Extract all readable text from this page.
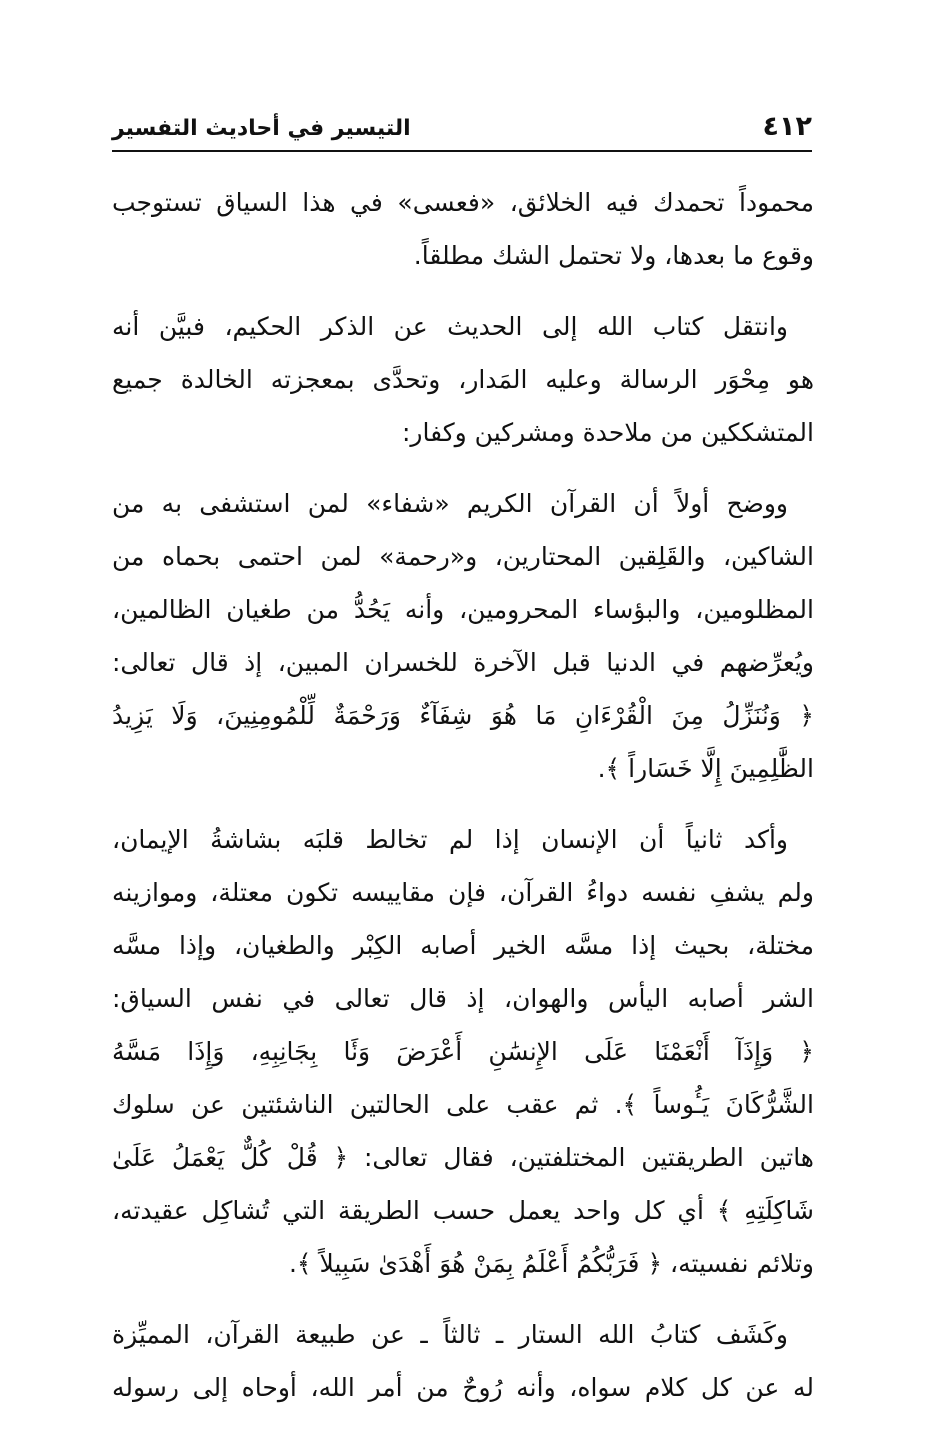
٤١٢
التيسير في أحاديث التفسير
محموداً تحمدك فيه الخلائق، «فعسى» في هذا السياق تستوجب
وقوع ما بعدها، ولا تحتمل الشك مطلقاً.
وانتقل كتاب الله إلى الحديث عن الذكر الحكيم، فبيَّن أنه
هو مِحْوَر الرسالة وعليه المَدار، وتحدَّى بمعجزته الخالدة جميع
المتشككين من ملاحدة ومشركين وكفار:
ووضح أولاً أن القرآن الكريم «شفاء» لمن استشفى به من
الشاكين، والقَلِقين المحتارين، و«رحمة» لمن احتمى بحماه من
المظلومين، والبؤساء المحرومين، وأنه يَحُدُّ من طغيان الظالمين،
ويُعرِّضهم في الدنيا قبل الآخرة للخسران المبين، إذ قال تعالى:
﴿ وَنُنَزِّلُ مِنَ الْقُرْءَانِ مَا هُوَ شِفَآءٌ وَرَحْمَةٌ لِّلْمُومِنِينَ، وَلَا يَزِيدُ
الظَّٰلِمِينَ إِلَّا خَسَاراً ﴾.
وأكد ثانياً أن الإنسان إذا لم تخالط قلبَه بشاشةُ الإيمان،
ولم يشفِ نفسه دواءُ القرآن، فإن مقاييسه تكون معتلة، وموازينه
مختلة، بحيث إذا مسَّه الخير أصابه الكِبْر والطغيان، وإذا مسَّه
الشر أصابه اليأس والهوان، إذ قال تعالى في نفس السياق:
﴿ وَإِذَآ أَنْعَمْنَا عَلَى الإِنسَٰنِ أَعْرَضَ وَنَٔا بِجَانِبِهِ، وَإِذَا مَسَّهُ
الشَّرُّكَانَ يَـُٔوساً ﴾. ثم عقب على الحالتين الناشئتين عن سلوك
هاتين الطريقتين المختلفتين، فقال تعالى: ﴿ قُلْ كُلٌّ يَعْمَلُ عَلَىٰ
شَاكِلَتِهِ ﴾ أي كل واحد يعمل حسب الطريقة التي تُشاكِل عقيدته،
وتلائم نفسيته، ﴿ فَرَبُّكُمُ أَعْلَمُ بِمَنْ هُوَ أَهْدَىٰ سَبِيلاً ﴾.
وكَشَف كتابُ الله الستار ـ ثالثاً ـ عن طبيعة القرآن، المميِّزة
له عن كل كلام سواه، وأنه رُوحٌ من أمر الله، أوحاه إلى رسوله
